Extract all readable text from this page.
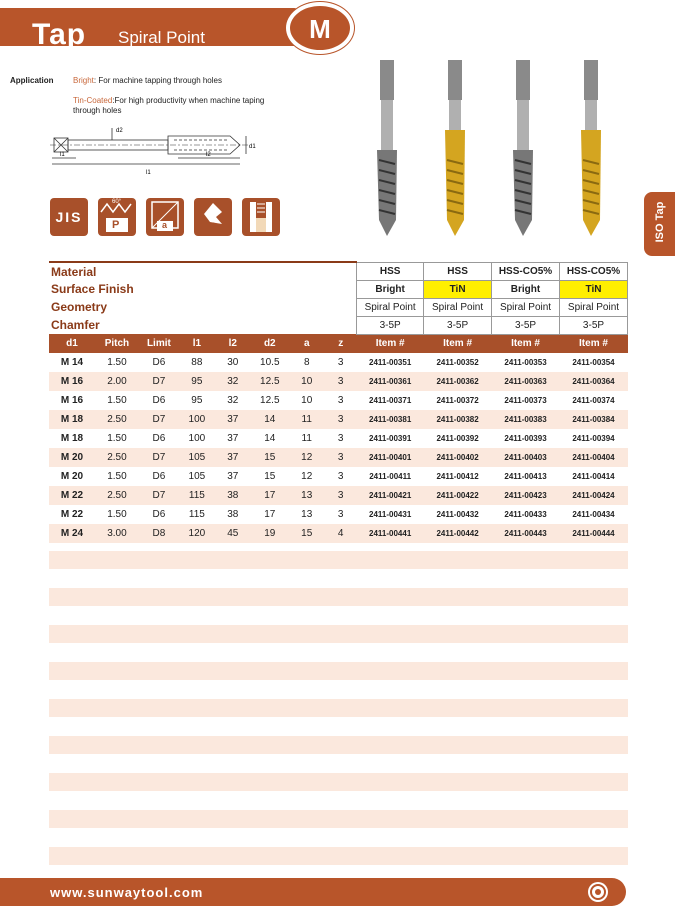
Tap Spiral Point	M
Application Bright: For machine tapping through holes
Tin-Coated:For high productivity when machine taping through holes
d2
d1
l1	l2
l1
JIS
60°
P	a	Z	ISO Tap
Material								HSS	HSS	HSS-CO5%	HSS-CO5%
Surface Finish								Bright	TiN	Bright	TiN
Geometry								Spiral Point	Spiral Point	Spiral Point	Spiral Point
Chamfer								3-5P	3-5P	3-5P	3-5P
d1	Pitch	Limit	l1	l2	d2	a	z	Item #	Item #	Item #	Item #
M 14	1.50	D6	88	30	10.5	8	3	2411-00351	2411-00352	2411-00353	2411-00354
M 16	2.00	D7	95	32	12.5	10	3	2411-00361	2411-00362	2411-00363	2411-00364
M 16	1.50	D6	95	32	12.5	10	3	2411-00371	2411-00372	2411-00373	2411-00374
M 18	2.50	D7	100	37	14	11	3	2411-00381	2411-00382	2411-00383	2411-00384
M 18	1.50	D6	100	37	14	11	3	2411-00391	2411-00392	2411-00393	2411-00394
M 20	2.50	D7	105	37	15	12	3	2411-00401	2411-00402	2411-00403	2411-00404
M 20	1.50	D6	105	37	15	12	3	2411-00411	2411-00412	2411-00413	2411-00414
M 22	2.50	D7	115	38	17	13	3	2411-00421	2411-00422	2411-00423	2411-00424
M 22	1.50	D6	115	38	17	13	3	2411-00431	2411-00432	2411-00433	2411-00434
M 24	3.00	D8	120	45	19	15	4	2411-00441	2411-00442	2411-00443	2411-00444
www.sunwaytool.com
